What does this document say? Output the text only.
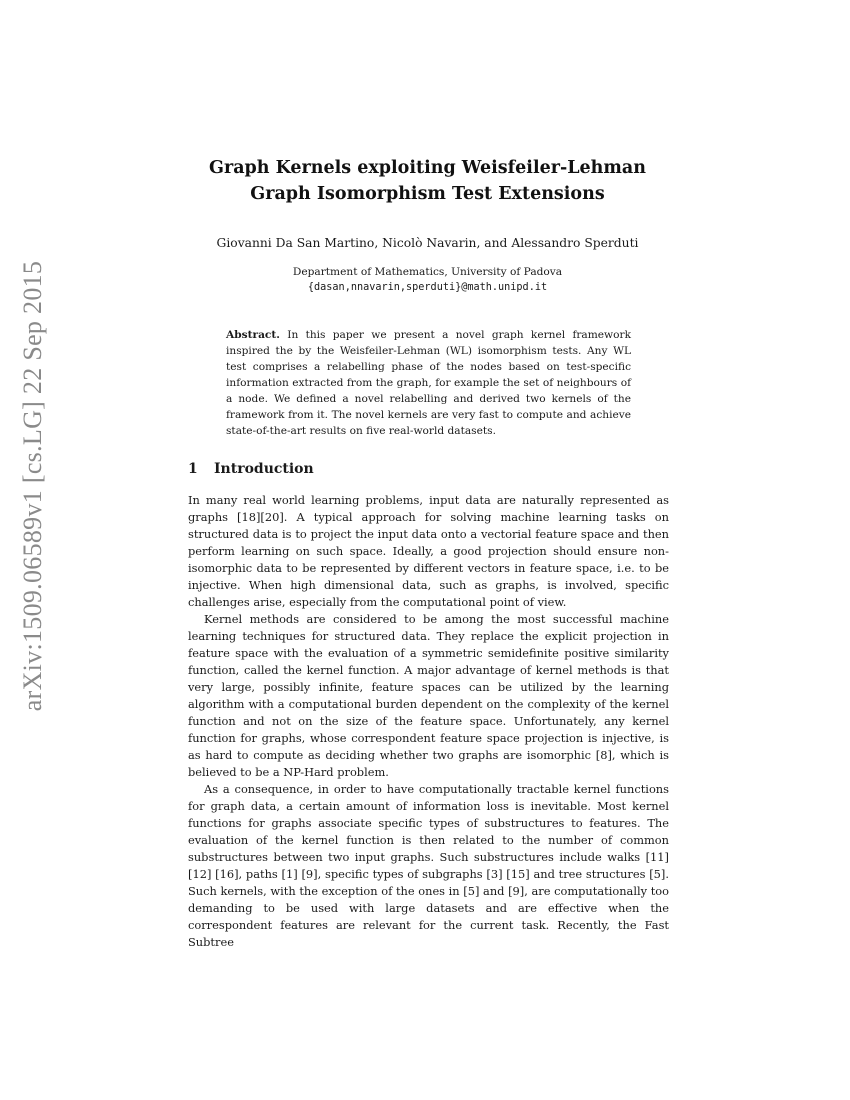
arXiv:1509.06589v1 [cs.LG] 22 Sep 2015
Graph Kernels exploiting Weisfeiler-Lehman
Graph Isomorphism Test Extensions
Giovanni Da San Martino, Nicolò Navarin, and Alessandro Sperduti
Department of Mathematics, University of Padova
{dasan,nnavarin,sperduti}@math.unipd.it
Abstract. In this paper we present a novel graph kernel framework inspired the by the Weisfeiler-Lehman (WL) isomorphism tests. Any WL test comprises a relabelling phase of the nodes based on test-specific information extracted from the graph, for example the set of neighbours of a node. We defined a novel relabelling and derived two kernels of the framework from it. The novel kernels are very fast to compute and achieve state-of-the-art results on five real-world datasets.
1 Introduction

In many real world learning problems, input data are naturally represented as graphs [18][20]. A typical approach for solving machine learning tasks on structured data is to project the input data onto a vectorial feature space and then perform learning on such space. Ideally, a good projection should ensure non-isomorphic data to be represented by different vectors in feature space, i.e. to be injective. When high dimensional data, such as graphs, is involved, specific challenges arise, especially from the computational point of view.

Kernel methods are considered to be among the most successful machine learning techniques for structured data. They replace the explicit projection in feature space with the evaluation of a symmetric semidefinite positive similarity function, called the kernel function. A major advantage of kernel methods is that very large, possibly infinite, feature spaces can be utilized by the learning algorithm with a computational burden dependent on the complexity of the kernel function and not on the size of the feature space. Unfortunately, any kernel function for graphs, whose correspondent feature space projection is injective, is as hard to compute as deciding whether two graphs are isomorphic [8], which is believed to be a NP-Hard problem.

As a consequence, in order to have computationally tractable kernel functions for graph data, a certain amount of information loss is inevitable. Most kernel functions for graphs associate specific types of substructures to features. The evaluation of the kernel function is then related to the number of common substructures between two input graphs. Such substructures include walks [11] [12] [16], paths [1] [9], specific types of subgraphs [3] [15] and tree structures [5]. Such kernels, with the exception of the ones in [5] and [9], are computationally too demanding to be used with large datasets and are effective when the correspondent features are relevant for the current task. Recently, the Fast Subtree
